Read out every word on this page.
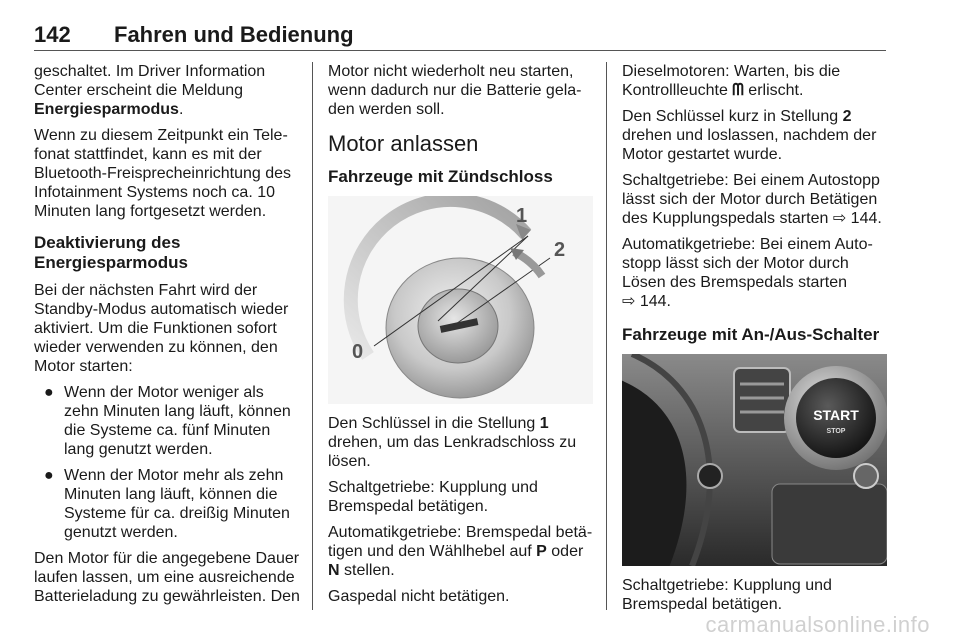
142 Fahren und Bedienung

geschaltet. Im Driver Information Center erscheint die Meldung Energiesparmodus.

Wenn zu diesem Zeitpunkt ein Telefonat stattfindet, kann es mit der Bluetooth-Freisprecheinrichtung des Infotainment Systems noch ca. 10 Minuten lang fortgesetzt werden.

Deaktivierung des Energiesparmodus

Bei der nächsten Fahrt wird der Standby-Modus automatisch wieder aktiviert. Um die Funktionen sofort wieder verwenden zu können, den Motor starten:

● Wenn der Motor weniger als zehn Minuten lang läuft, können die Systeme ca. fünf Minuten lang genutzt werden.
● Wenn der Motor mehr als zehn Minuten lang läuft, können die Systeme für ca. dreißig Minuten genutzt werden.

Den Motor für die angegebene Dauer laufen lassen, um eine ausreichende Batterieladung zu gewährleisten. Den

Motor nicht wiederholt neu starten, wenn dadurch nur die Batterie geladen werden soll.

Motor anlassen
Fahrzeuge mit Zündschloss
0
1
2

Den Schlüssel in die Stellung 1 drehen, um das Lenkradschloss zu lösen.

Schaltgetriebe: Kupplung und Bremspedal betätigen.

Automatikgetriebe: Bremspedal betätigen und den Wählhebel auf P oder N stellen.

Gaspedal nicht betätigen.

Dieselmotoren: Warten, bis die Kontrollleuchte ᗰ erlischt.

Den Schlüssel kurz in Stellung 2 drehen und loslassen, nachdem der Motor gestartet wurde.

Schaltgetriebe: Bei einem Autostopp lässt sich der Motor durch Betätigen des Kupplungspedals starten ⇨ 144.

Automatikgetriebe: Bei einem Autostopp lässt sich der Motor durch Lösen des Bremspedals starten
⇨ 144.

Fahrzeuge mit An-/Aus-Schalter
START
STOP

Schaltgetriebe: Kupplung und Bremspedal betätigen.

carmanualsonline.info
